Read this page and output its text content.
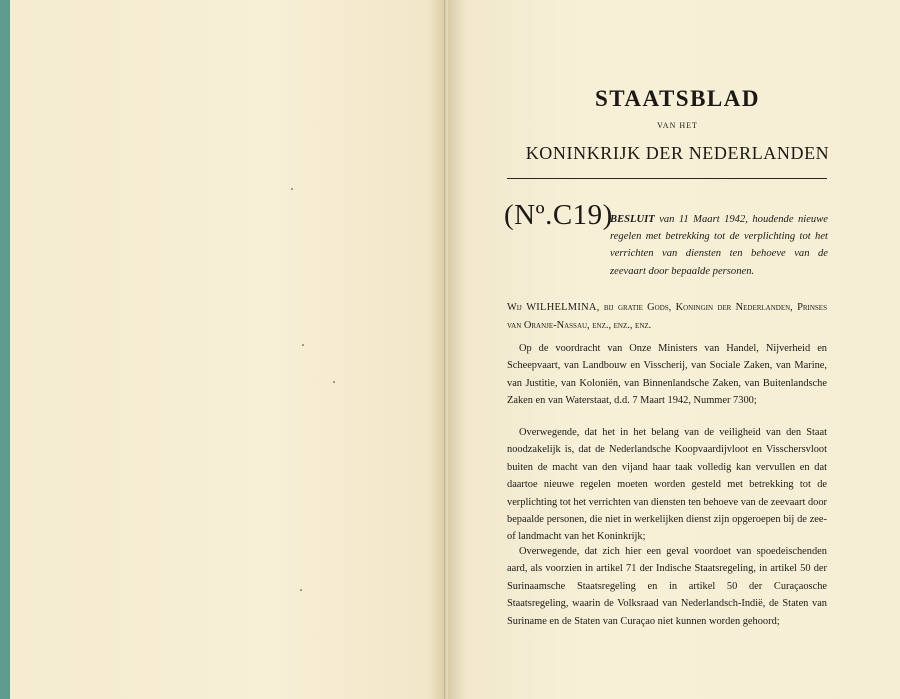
STAATSBLAD
VAN HET
KONINKRIJK DER NEDERLANDEN
(Nº.C19)
BESLUIT van 11 Maart 1942, houdende nieuwe regelen met betrekking tot de verplichting tot het verrichten van diensten ten behoeve van de zeevaart door bepaalde personen.
Wij WILHELMINA, bij gratie Gods, Koningin der Nederlanden, Prinses van Oranje-Nassau, enz., enz., enz.
Op de voordracht van Onze Ministers van Handel, Nijverheid en Scheepvaart, van Landbouw en Visscherij, van Sociale Zaken, van Marine, van Justitie, van Koloniën, van Binnenlandsche Zaken, van Buitenlandsche Zaken en van Waterstaat, d.d. 7 Maart 1942, Nummer 7300;
Overwegende, dat het in het belang van de veiligheid van den Staat noodzakelijk is, dat de Nederlandsche Koopvaardijvloot en Visschersvloot buiten de macht van den vijand haar taak volledig kan vervullen en dat daartoe nieuwe regelen moeten worden gesteld met betrekking tot de verplichting tot het verrichten van diensten ten behoeve van de zeevaart door bepaalde personen, die niet in werkelijken dienst zijn opgeroepen bij de zee- of landmacht van het Koninkrijk;
Overwegende, dat zich hier een geval voordoet van spoedeischenden aard, als voorzien in artikel 71 der Indische Staatsregeling, in artikel 50 der Surinaamsche Staatsregeling en in artikel 50 der Curaçaosche Staatsregeling, waarin de Volksraad van Nederlandsch-Indië, de Staten van Suriname en de Staten van Curaçao niet kunnen worden gehoord;
